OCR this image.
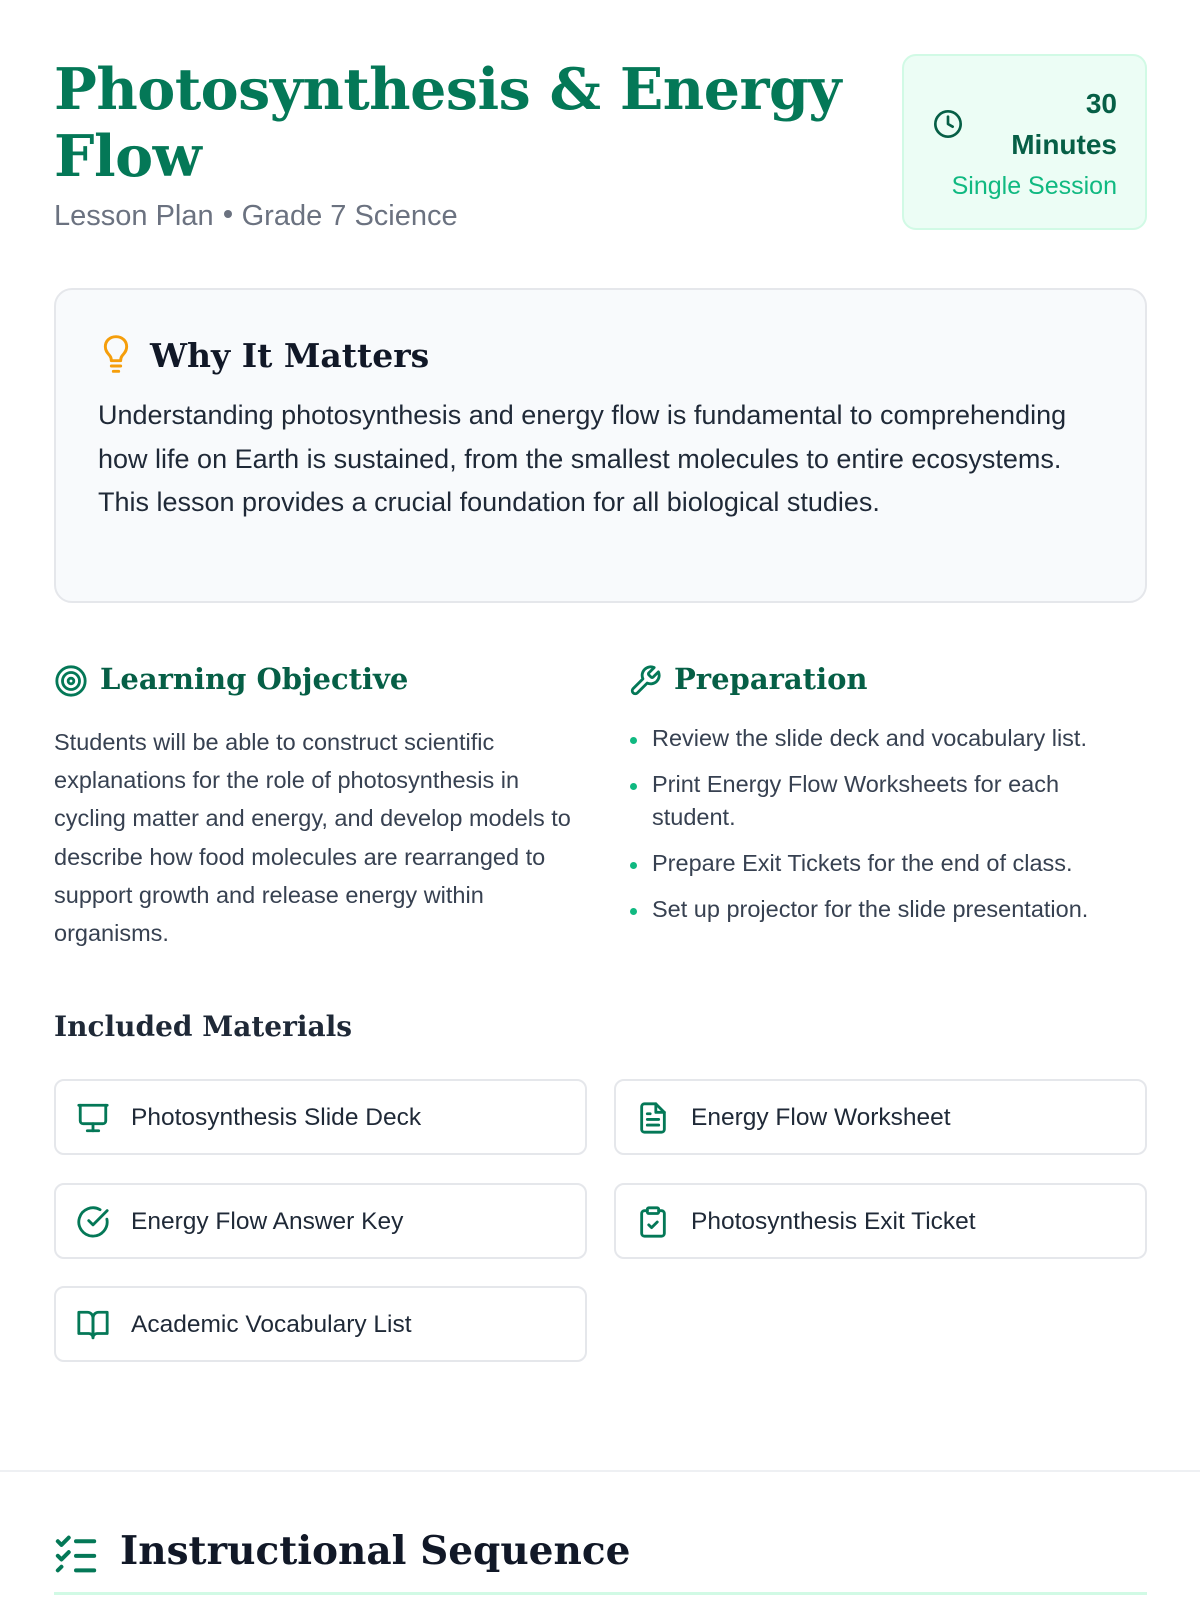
Photosynthesis & Energy
Flow
Lesson Plan Grade 7 Science
30
Minutes
Single Session
Why It Matters

Understanding photosynthesis and energy flow is fundamental to comprehending how life on Earth is sustained, from the smallest molecules to entire ecosystems. This lesson provides a crucial foundation for all biological studies.

Learning Objective

Students will be able to construct scientific explanations for the role of photosynthesis in cycling matter and energy, and develop models to describe how food molecules are rearranged to support growth and release energy within organisms.

Preparation
Review the slide deck and vocabulary list.
Print Energy Flow Worksheets for each student.
Prepare Exit Tickets for the end of class.
Set up projector for the slide presentation.
Included Materials
Photosynthesis Slide Deck	Energy Flow Worksheet
Energy Flow Answer Key	Photosynthesis Exit Ticket
Academic Vocabulary List
Instructional Sequence
